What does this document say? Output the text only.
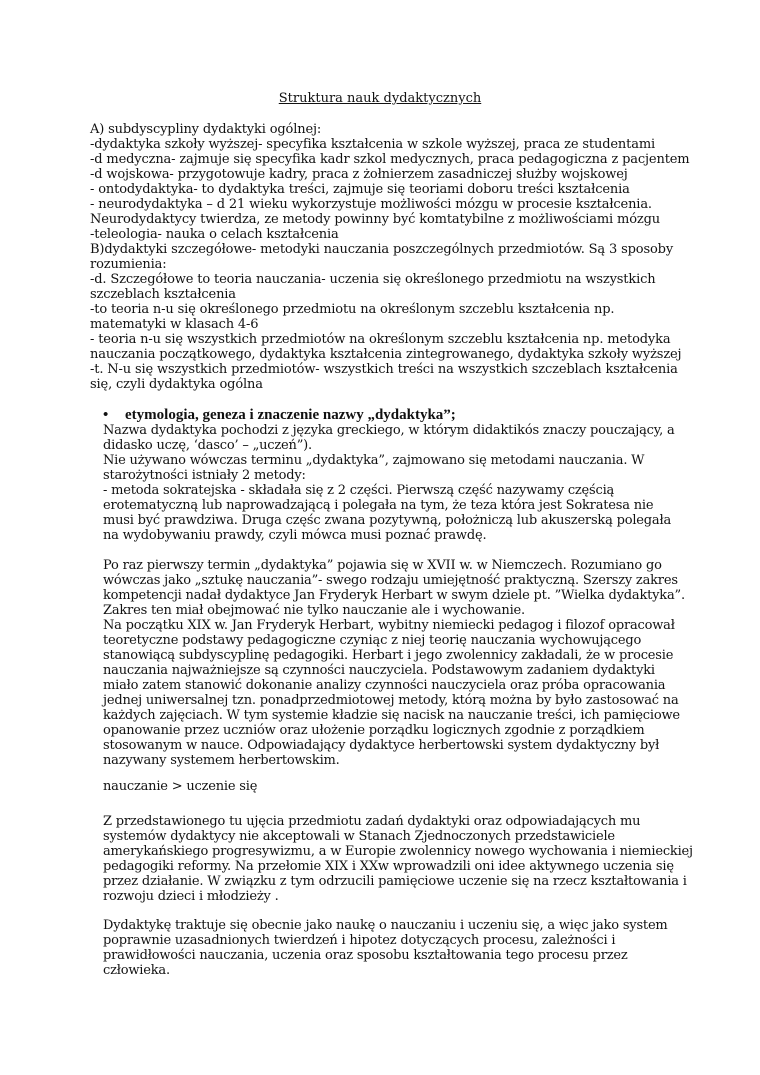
Struktura nauk dydaktycznych
A) subdyscypliny dydaktyki ogólnej:
-dydaktyka szkoły wyższej- specyfika kształcenia w szkole wyższej, praca ze studentami
-d medyczna- zajmuje się specyfika kadr szkol medycznych, praca pedagogiczna z pacjentem
-d wojskowa- przygotowuje kadry, praca z żołnierzem zasadniczej służby wojskowej
- ontodydaktyka- to dydaktyka treści, zajmuje się teoriami doboru treści kształcenia
- neurodydaktyka – d 21 wieku wykorzystuje możliwości mózgu w procesie kształcenia.
Neurodydaktycy twierdza, ze metody powinny być komtatybilne z możliwościami mózgu
-teleologia- nauka o celach kształcenia
B)dydaktyki szczegółowe- metodyki nauczania poszczególnych przedmiotów. Są 3 sposoby
rozumienia:
-d. Szczegółowe to teoria nauczania- uczenia się określonego przedmiotu na wszystkich
szczeblach kształcenia
-to teoria n-u się określonego przedmiotu na określonym szczeblu kształcenia np.
matematyki w klasach 4-6
- teoria n-u się wszystkich przedmiotów na określonym szczeblu kształcenia np. metodyka
nauczania początkowego, dydaktyka kształcenia zintegrowanego, dydaktyka szkoły wyższej
-t. N-u się wszystkich przedmiotów- wszystkich treści na wszystkich szczeblach kształcenia
się, czyli dydaktyka ogólna
• etymologia, geneza i znaczenie nazwy „dydaktyka”;
Nazwa dydaktyka pochodzi z języka greckiego, w którym didaktikós znaczy pouczający, a
didasko uczę, ‘dasco’ – „uczeń”).
Nie używano wówczas terminu „dydaktyka”, zajmowano się metodami nauczania. W
starożytności istniały 2 metody:
- metoda sokratejska - składała się z 2 części. Pierwszą część nazywamy częścią
erotematyczną lub naprowadzającą i polegała na tym, że teza która jest Sokratesa nie
musi być prawdziwa. Druga częśc zwana pozytywną, położniczą lub akuszerską polegała
na wydobywaniu prawdy, czyli mówca musi poznać prawdę.
Po raz pierwszy termin „dydaktyka” pojawia się w XVII w. w Niemczech. Rozumiano go
wówczas jako „sztukę nauczania”- swego rodzaju umiejętność praktyczną. Szerszy zakres
kompetencji nadał dydaktyce Jan Fryderyk Herbart w swym dziele pt. ”Wielka dydaktyka”.
Zakres ten miał obejmować nie tylko nauczanie ale i wychowanie.
Na początku XIX w. Jan Fryderyk Herbart, wybitny niemiecki pedagog i filozof opracował
teoretyczne podstawy pedagogiczne czyniąc z niej teorię nauczania wychowującego
stanowiącą subdyscyplinę pedagogiki. Herbart i jego zwolennicy zakładali, że w procesie
nauczania najważniejsze są czynności nauczyciela. Podstawowym zadaniem dydaktyki
miało zatem stanowić dokonanie analizy czynności nauczyciela oraz próba opracowania
jednej uniwersalnej tzn. ponadprzedmiotowej metody, którą można by było zastosować na
każdych zajęciach. W tym systemie kładzie się nacisk na nauczanie treści, ich pamięciowe
opanowanie przez uczniów oraz ułożenie porządku logicznych zgodnie z porządkiem
stosowanym w nauce. Odpowiadający dydaktyce herbertowski system dydaktyczny był
nazywany systemem herbertowskim.
nauczanie > uczenie się
Z przedstawionego tu ujęcia przedmiotu zadań dydaktyki oraz odpowiadających mu
systemów dydaktycy nie akceptowali w Stanach Zjednoczonych przedstawiciele
amerykańskiego progresywizmu, a w Europie zwolennicy nowego wychowania i niemieckiej
pedagogiki reformy. Na przełomie XIX i XXw wprowadzili oni idee aktywnego uczenia się
przez działanie. W związku z tym odrzucili pamięciowe uczenie się na rzecz kształtowania i
rozwoju dzieci i młodzieży .
Dydaktykę traktuje się obecnie jako naukę o nauczaniu i uczeniu się, a więc jako system
poprawnie uzasadnionych twierdzeń i hipotez dotyczących procesu, zależności i
prawidłowości nauczania, uczenia oraz sposobu kształtowania tego procesu przez
człowieka.
